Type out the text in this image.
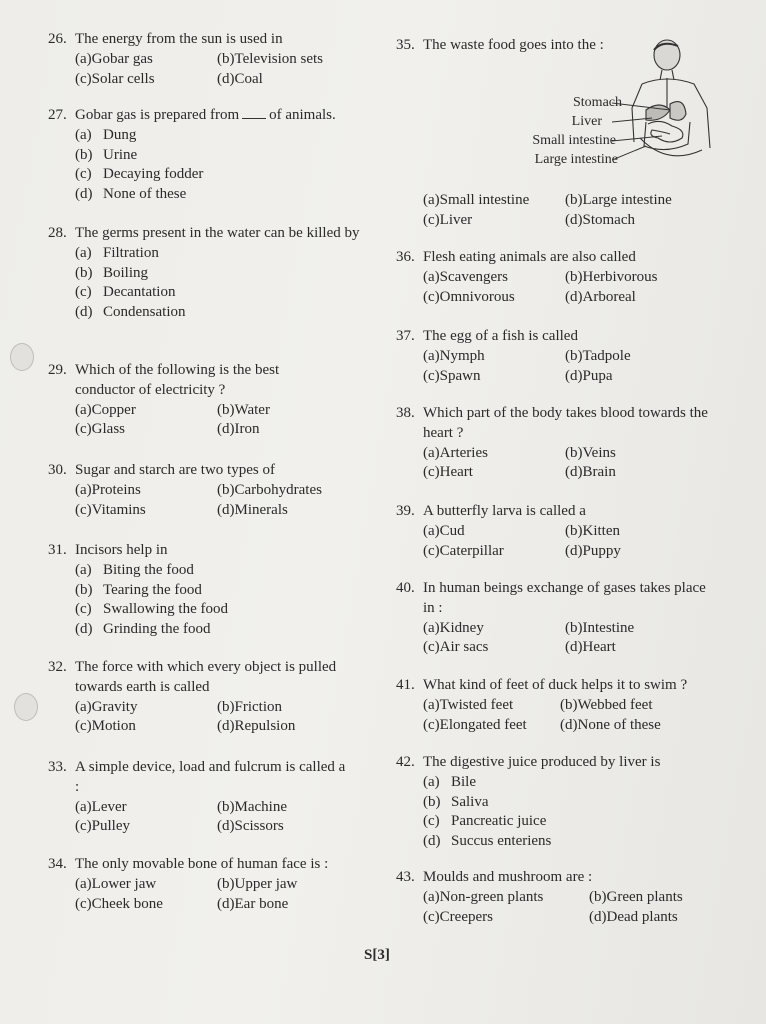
26. The energy from the sun is used in
(a) Gobar gas	(b) Television sets
(c) Solar cells	(d) Coal
27. Gobar gas is prepared from of animals.
(a) Dung
(b) Urine
(c) Decaying fodder
(d) None of these
28. The germs present in the water can be killed by
(a) Filtration
(b) Boiling
(c) Decantation
(d) Condensation
29. Which of the following is the best conductor of electricity ?
(a) Copper	(b) Water
(c) Glass	(d) Iron
30. Sugar and starch are two types of
(a) Proteins	(b) Carbohydrates
(c) Vitamins	(d) Minerals
31. Incisors help in
(a) Biting the food
(b) Tearing the food
(c) Swallowing the food
(d) Grinding the food
32. The force with which every object is pulled towards earth is called
(a) Gravity	(b) Friction
(c) Motion	(d) Repulsion
33. A simple device, load and fulcrum is called a :
(a) Lever	(b) Machine
(c) Pulley	(d) Scissors
34. The only movable bone of human face is :
(a) Lower jaw	(b) Upper jaw
(c) Cheek bone	(d) Ear bone
35. The waste food goes into the :
Stomach
Liver
Small intestine
Large intestine
(a) Small intestine (b) Large intestine
(c) Liver	(d) Stomach
36. Flesh eating animals are also called
(a) Scavengers	(b) Herbivorous
(c) Omnivorous	(d) Arboreal
37. The egg of a fish is called
(a) Nymph	(b) Tadpole
(c) Spawn	(d) Pupa
38. Which part of the body takes blood towards the heart ?
(a) Arteries	(b) Veins
(c) Heart	(d) Brain
39. A butterfly larva is called a
(a) Cud	(b) Kitten
(c) Caterpillar	(d) Puppy
40. In human beings exchange of gases takes place in :
(a) Kidney	(b) Intestine
(c) Air sacs	(d) Heart
41. What kind of feet of duck helps it to swim ?
(a) Twisted feet	(b) Webbed feet
(c) Elongated feet (d) None of these
42. The digestive juice produced by liver is
(a) Bile
(b) Saliva
(c) Pancreatic juice
(d) Succus enteriens
43. Moulds and mushroom are :
(a) Non-green plants	(b) Green plants
(c) Creepers	(d) Dead plants
S[3]
